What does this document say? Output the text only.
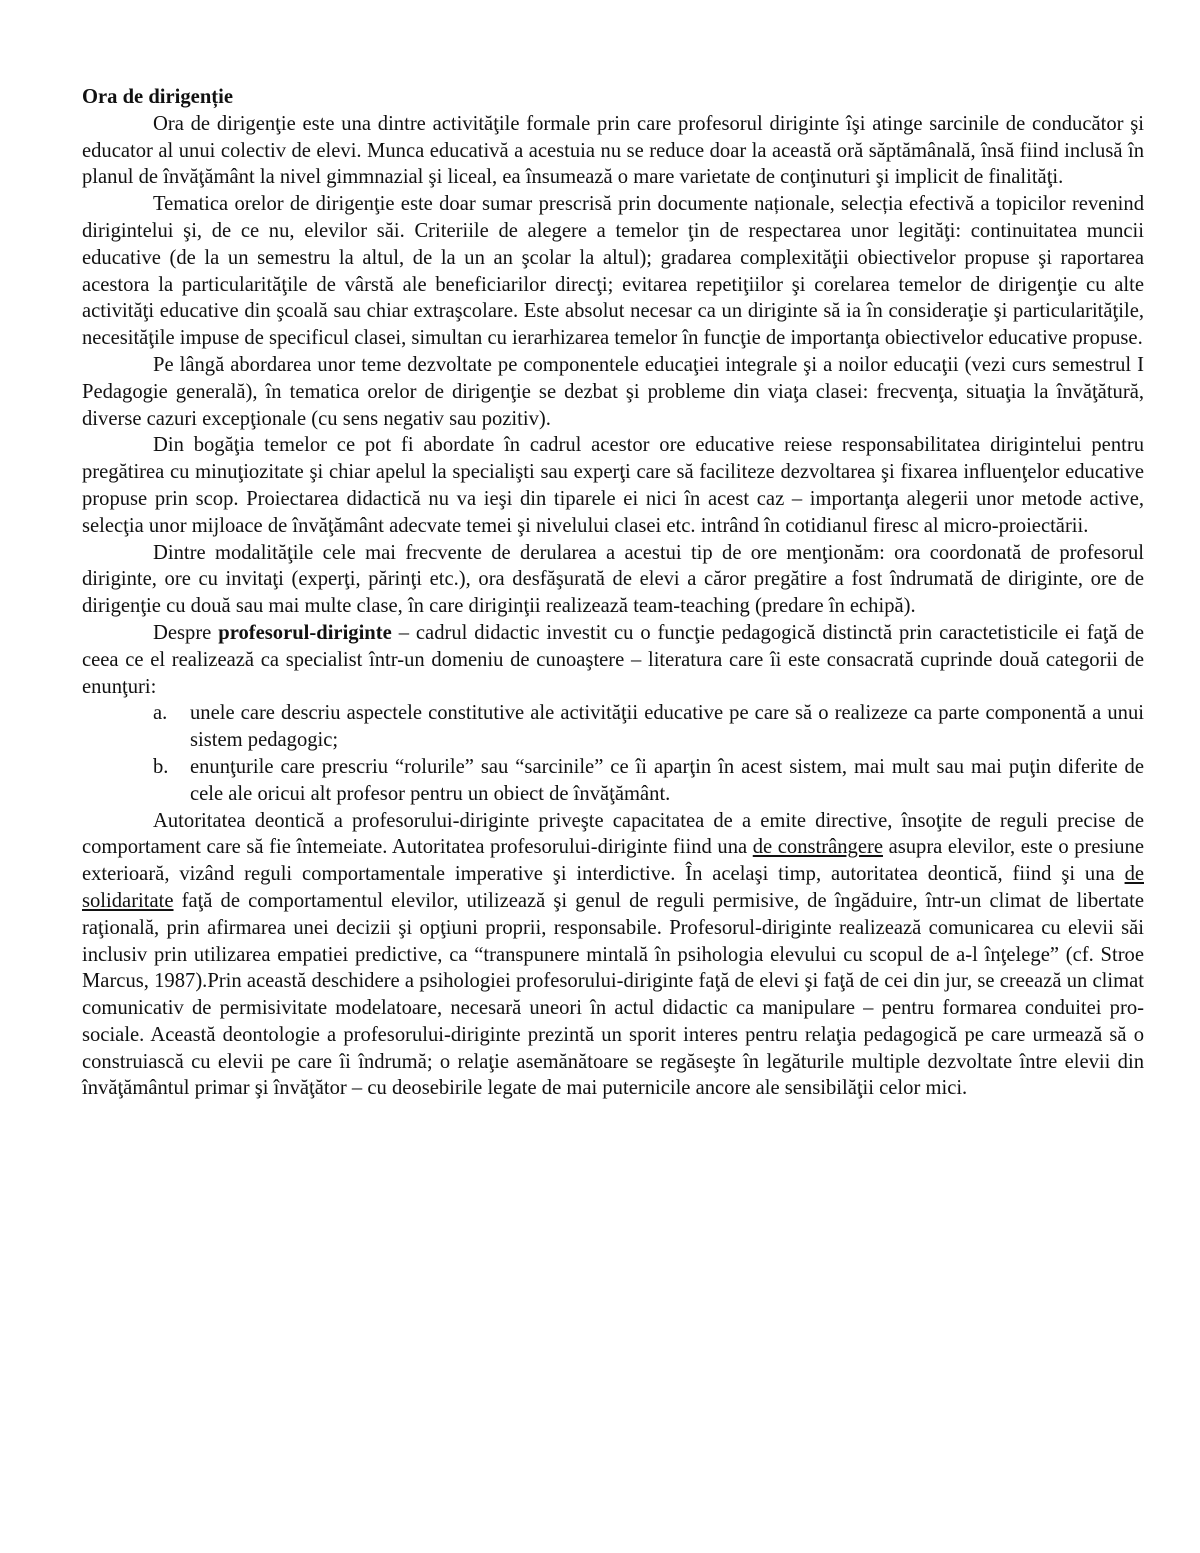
Ora de dirigenție

Ora de dirigenţie este una dintre activităţile formale prin care profesorul diriginte îşi atinge sarcinile de conducător şi educator al unui colectiv de elevi. Munca educativă a acestuia nu se reduce doar la această oră săptămânală, însă fiind inclusă în planul de învăţământ la nivel gimmnazial şi liceal, ea însumează o mare varietate de conţinuturi şi implicit de finalităţi.

Tematica orelor de dirigenţie este doar sumar prescrisă prin documente naționale, selecția efectivă a topicilor revenind dirigintelui şi, de ce nu, elevilor săi. Criteriile de alegere a temelor ţin de respectarea unor legităţi: continuitatea muncii educative (de la un semestru la altul, de la un an şcolar la altul); gradarea complexităţii obiectivelor propuse şi raportarea acestora la particularităţile de vârstă ale beneficiarilor direcţi; evitarea repetiţiilor şi corelarea temelor de dirigenţie cu alte activităţi educative din şcoală sau chiar extraşcolare. Este absolut necesar ca un diriginte să ia în consideraţie şi particularităţile, necesităţile impuse de specificul clasei, simultan cu ierarhizarea temelor în funcţie de importanţa obiectivelor educative propuse.

Pe lângă abordarea unor teme dezvoltate pe componentele educaţiei integrale şi a noilor educaţii (vezi curs semestrul I Pedagogie generală), în tematica orelor de dirigenţie se dezbat şi probleme din viaţa clasei: frecvenţa, situaţia la învăţătură, diverse cazuri excepţionale (cu sens negativ sau pozitiv).

Din bogăţia temelor ce pot fi abordate în cadrul acestor ore educative reiese responsabilitatea dirigintelui pentru pregătirea cu minuţiozitate şi chiar apelul la specialişti sau experţi care să faciliteze dezvoltarea şi fixarea influenţelor educative propuse prin scop. Proiectarea didactică nu va ieşi din tiparele ei nici în acest caz – importanţa alegerii unor metode active, selecţia unor mijloace de învăţământ adecvate temei şi nivelului clasei etc. intrând în cotidianul firesc al micro-proiectării.

Dintre modalităţile cele mai frecvente de derularea a acestui tip de ore menţionăm: ora coordonată de profesorul diriginte, ore cu invitaţi (experţi, părinţi etc.), ora desfăşurată de elevi a căror pregătire a fost îndrumată de diriginte, ore de dirigenţie cu două sau mai multe clase, în care diriginţii realizează team-teaching (predare în echipă).

Despre profesorul-diriginte – cadrul didactic investit cu o funcţie pedagogică distinctă prin caractetisticile ei faţă de ceea ce el realizează ca specialist într-un domeniu de cunoaştere – literatura care îi este consacrată cuprinde două categorii de enunţuri:

a. unele care descriu aspectele constitutive ale activităţii educative pe care să o realizeze ca parte componentă a unui sistem pedagogic;
b. enunţurile care prescriu “rolurile” sau “sarcinile” ce îi aparţin în acest sistem, mai mult sau mai puţin diferite de cele ale oricui alt profesor pentru un obiect de învăţământ.

Autoritatea deontică a profesorului-diriginte priveşte capacitatea de a emite directive, însoţite de reguli precise de comportament care să fie întemeiate. Autoritatea profesorului-diriginte fiind una de constrângere asupra elevilor, este o presiune exterioară, vizând reguli comportamentale imperative şi interdictive. În acelaşi timp, autoritatea deontică, fiind şi una de solidaritate faţă de comportamentul elevilor, utilizează şi genul de reguli permisive, de îngăduire, într-un climat de libertate raţională, prin afirmarea unei decizii şi opţiuni proprii, responsabile. Profesorul-diriginte realizează comunicarea cu elevii săi inclusiv prin utilizarea empatiei predictive, ca “transpunere mintală în psihologia elevului cu scopul de a-l înţelege” (cf. Stroe Marcus, 1987).Prin această deschidere a psihologiei profesorului-diriginte faţă de elevi şi faţă de cei din jur, se creează un climat comunicativ de permisivitate modelatoare, necesară uneori în actul didactic ca manipulare – pentru formarea conduitei pro-sociale. Această deontologie a profesorului-diriginte prezintă un sporit interes pentru relaţia pedagogică pe care urmează să o construiască cu elevii pe care îi îndrumă; o relaţie asemănătoare se regăseşte în legăturile multiple dezvoltate între elevii din învăţământul primar şi învăţător – cu deosebirile legate de mai puternicile ancore ale sensibilăţii celor mici.
